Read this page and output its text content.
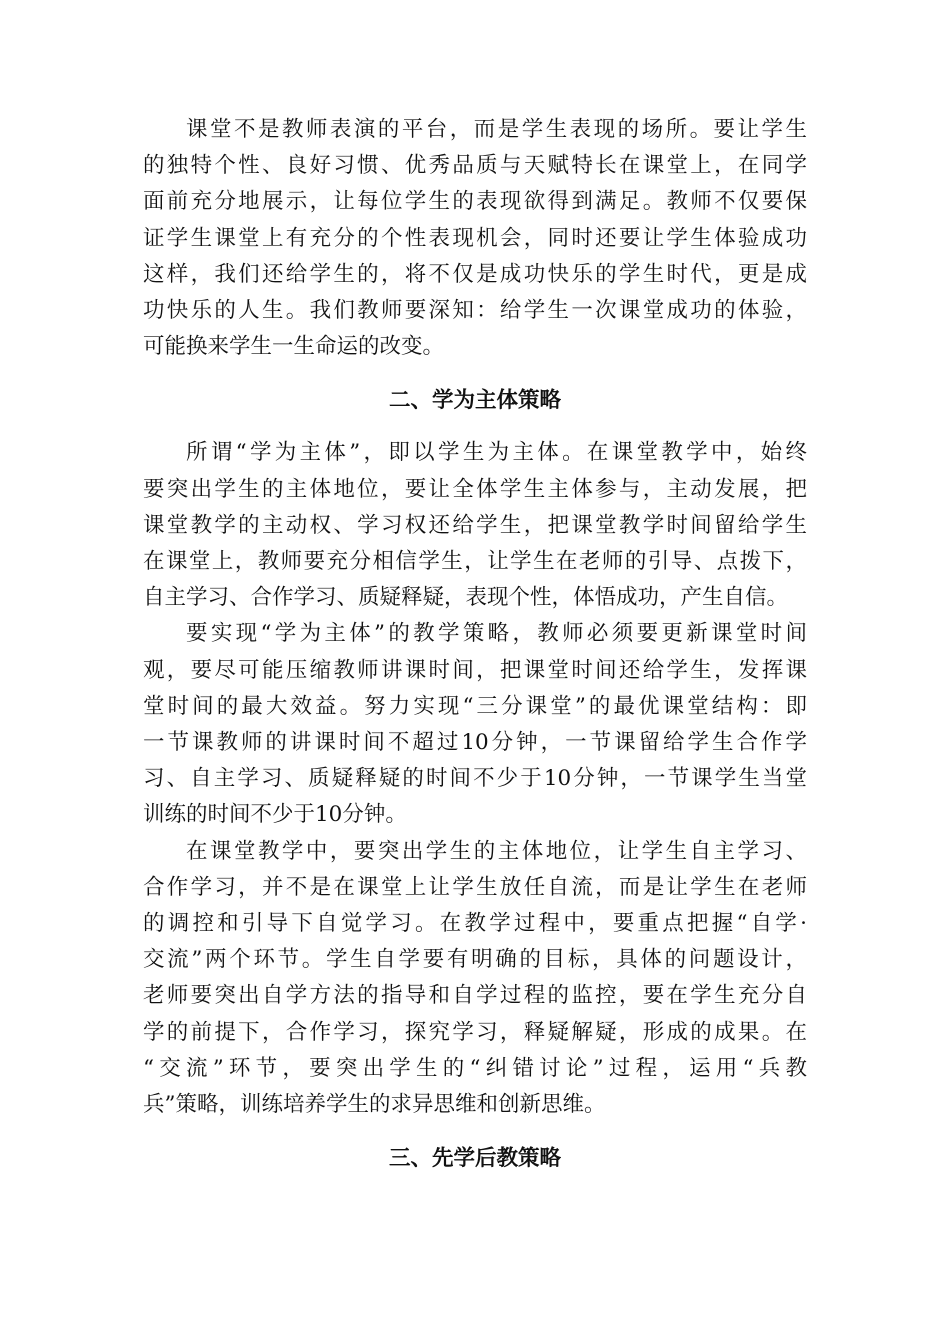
课堂不是教师表演的平台，而是学生表现的场所。要让学生
的独特个性、良好习惯、优秀品质与天赋特长在课堂上，在同学
面前充分地展示，让每位学生的表现欲得到满足。教师不仅要保
证学生课堂上有充分的个性表现机会，同时还要让学生体验成功
这样，我们还给学生的，将不仅是成功快乐的学生时代，更是成
功快乐的人生。我们教师要深知：给学生一次课堂成功的体验，
可能换来学生一生命运的改变。

二、学为主体策略

所谓“学为主体”，即以学生为主体。在课堂教学中，始终
要突出学生的主体地位，要让全体学生主体参与，主动发展，把
课堂教学的主动权、学习权还给学生，把课堂教学时间留给学生
在课堂上，教师要充分相信学生，让学生在老师的引导、点拨下，
自主学习、合作学习、质疑释疑，表现个性，体悟成功，产生自信。

要实现“学为主体”的教学策略，教师必须要更新课堂时间
观，要尽可能压缩教师讲课时间，把课堂时间还给学生，发挥课
堂时间的最大效益。努力实现“三分课堂”的最优课堂结构：即
一节课教师的讲课时间不超过10分钟，一节课留给学生合作学
习、自主学习、质疑释疑的时间不少于10分钟，一节课学生当堂
训练的时间不少于10分钟。

在课堂教学中，要突出学生的主体地位，让学生自主学习、
合作学习，并不是在课堂上让学生放任自流，而是让学生在老师
的调控和引导下自觉学习。在教学过程中，要重点把握“自学·
交流”两个环节。学生自学要有明确的目标，具体的问题设计，
老师要突出自学方法的指导和自学过程的监控，要在学生充分自
学的前提下，合作学习，探究学习，释疑解疑，形成的成果。在
“交流”环节，要突出学生的“纠错讨论”过程，运用“兵教
兵”策略，训练培养学生的求异思维和创新思维。

三、先学后教策略
